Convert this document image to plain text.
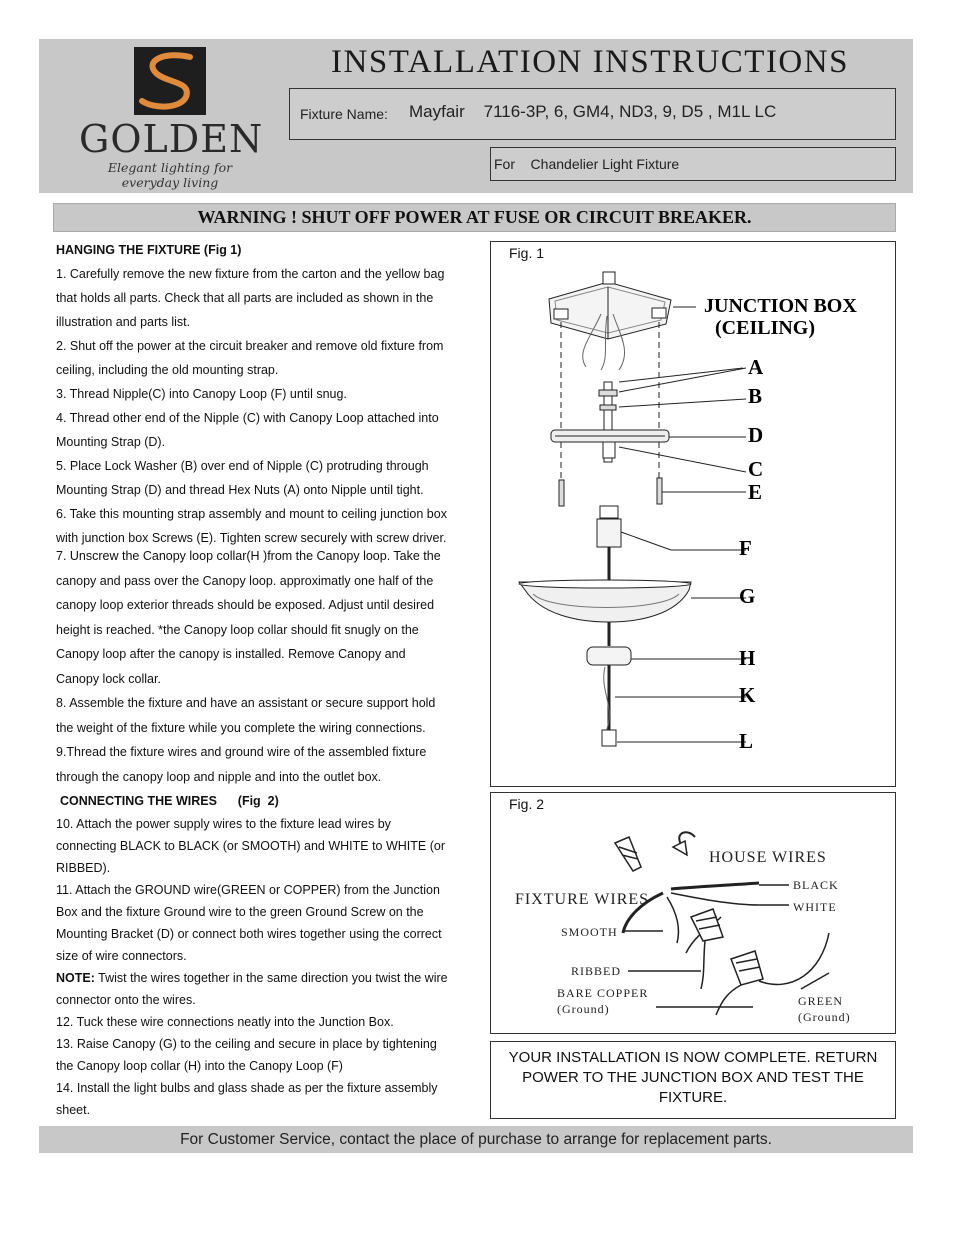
GOLDEN
Elegant lighting for everyday living
INSTALLATION INSTRUCTIONS
Fixture Name: Mayfair    7116-3P, 6, GM4, ND3, 9, D5 , M1L LC
For    Chandelier Light Fixture
WARNING ! SHUT OFF POWER AT FUSE OR CIRCUIT BREAKER.
HANGING THE FIXTURE (Fig 1)
1. Carefully remove the new fixture from the carton and the yellow bag
that holds all parts. Check that all parts are included as shown in the
illustration and parts list.
2. Shut off the power at the circuit breaker and remove old fixture from
ceiling, including the old mounting strap.
3. Thread Nipple(C) into Canopy Loop (F) until snug.
4. Thread other end of the Nipple (C) with Canopy Loop attached into
Mounting Strap (D).
5. Place Lock Washer (B) over end of Nipple (C) protruding through
Mounting Strap (D) and thread Hex Nuts (A) onto Nipple until tight.
6. Take this mounting strap assembly and mount to ceiling junction box
with junction box Screws (E). Tighten screw securely with screw driver.
7. Unscrew the Canopy loop collar(H )from the Canopy loop. Take the
canopy and pass over the Canopy loop. approximatly one half of the
canopy loop exterior threads should be exposed. Adjust until desired
height is reached. *the Canopy loop collar should fit snugly on the
Canopy loop after the canopy is installed. Remove Canopy and
Canopy lock collar.
8. Assemble the fixture and have an assistant or secure support hold
the weight of the fixture while you complete the wiring connections.
9.Thread the fixture wires and ground wire of the assembled fixture
through the canopy loop and nipple and into the outlet box.
CONNECTING THE WIRES      (Fig  2)
10. Attach the power supply wires to the fixture lead wires by
connecting BLACK to BLACK (or SMOOTH) and WHITE to WHITE (or
RIBBED).
11. Attach the GROUND wire(GREEN or COPPER) from the Junction
Box and the fixture Ground wire to the green Ground Screw on the
Mounting Bracket (D) or connect both wires together using the correct
size of wire connectors.
NOTE: Twist the wires together in the same direction you twist the wire
connector onto the wires.
12. Tuck these wire connections neatly into the Junction Box.
13. Raise Canopy (G) to the ceiling and secure in place by tightening
the Canopy loop collar (H) into the Canopy Loop (F)
14. Install the light bulbs and glass shade as per the fixture assembly
sheet.
Fig. 1
JUNCTION BOX
(CEILING)
A
B
D
C
E
F
G
H
K
L
Fig. 2
HOUSE WIRES
FIXTURE WIRES
BLACK
WHITE
SMOOTH
RIBBED
BARE COPPER
(Ground)
GREEN
(Ground)
YOUR INSTALLATION IS NOW COMPLETE. RETURN
POWER TO THE JUNCTION BOX AND TEST THE
FIXTURE.
For Customer Service, contact the place of purchase to arrange for replacement parts.
